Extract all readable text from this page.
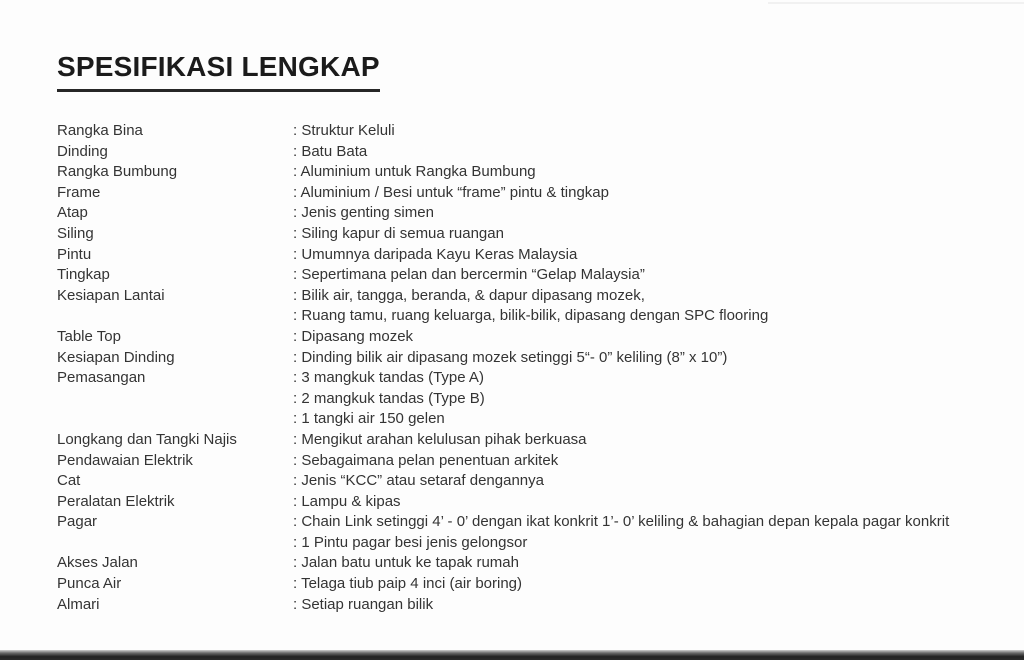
SPESIFIKASI LENGKAP
Rangka Bina	: Struktur Keluli
Dinding	: Batu Bata
Rangka Bumbung	: Aluminium untuk Rangka Bumbung
Frame	: Aluminium / Besi untuk “frame” pintu & tingkap
Atap	: Jenis genting simen
Siling	: Siling kapur di semua ruangan
Pintu	: Umumnya daripada Kayu Keras Malaysia
Tingkap	: Sepertimana pelan dan bercermin “Gelap Malaysia”
Kesiapan Lantai	: Bilik air, tangga, beranda, & dapur dipasang mozek,
: Ruang tamu, ruang keluarga, bilik-bilik, dipasang dengan SPC flooring
Table Top	: Dipasang mozek
Kesiapan Dinding	: Dinding bilik air dipasang mozek setinggi 5“- 0” keliling (8” x 10”)
Pemasangan	: 3 mangkuk tandas (Type A)
: 2 mangkuk tandas (Type B)
: 1 tangki air 150 gelen
Longkang dan Tangki Najis	: Mengikut arahan kelulusan pihak berkuasa
Pendawaian Elektrik	: Sebagaimana pelan penentuan arkitek
Cat	: Jenis “KCC” atau setaraf dengannya
Peralatan Elektrik	: Lampu & kipas
Pagar	: Chain Link setinggi 4’ - 0’ dengan ikat konkrit 1’- 0’ keliling & bahagian depan kepala pagar konkrit
: 1 Pintu pagar besi jenis gelongsor
Akses Jalan	: Jalan batu untuk ke tapak rumah
Punca Air	: Telaga tiub paip 4 inci (air boring)
Almari	: Setiap ruangan bilik
